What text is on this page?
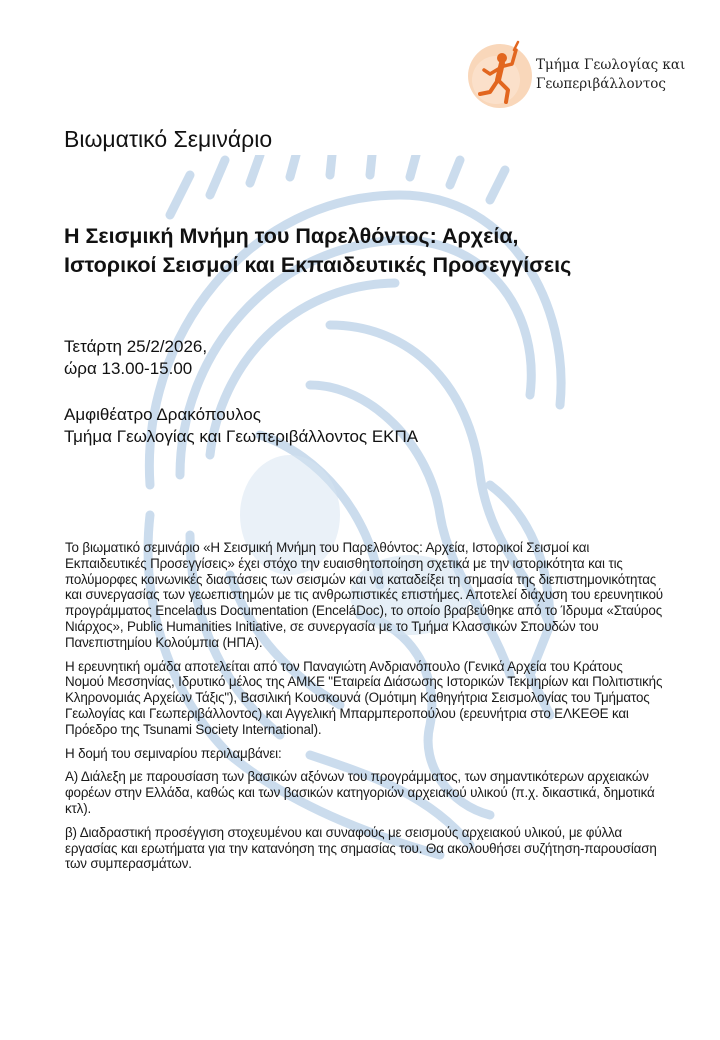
Τμήμα Γεωλογίας και
Γεωπεριβάλλοντος
Βιωματικό Σεμινάριο
Η Σεισμική Μνήμη του Παρελθόντος: Αρχεία,
Ιστορικοί Σεισμοί και Εκπαιδευτικές Προσεγγίσεις
Τετάρτη 25/2/2026,
ώρα 13.00-15.00
Αμφιθέατρο Δρακόπουλος
Τμήμα Γεωλογίας και Γεωπεριβάλλοντος ΕΚΠΑ

Το βιωματικό σεμινάριο «Η Σεισμική Μνήμη του Παρελθόντος: Αρχεία, Ιστορικοί Σεισμοί και Εκπαιδευτικές Προσεγγίσεις» έχει στόχο την ευαισθητοποίηση σχετικά με την ιστορικότητα και τις πολύμορφες κοινωνικές διαστάσεις των σεισμών και να καταδείξει τη σημασία της διεπιστημονικότητας και συνεργασίας των γεωεπιστημών με τις ανθρωπιστικές επιστήμες. Αποτελεί διάχυση του ερευνητικού προγράμματος Enceladus Documentation (EnceláDoc), το οποίο βραβεύθηκε από το Ίδρυμα «Σταύρος Νιάρχος», Public Humanities Initiative, σε συνεργασία με το Τμήμα Κλασσικών Σπουδών του Πανεπιστημίου Κολούμπια (ΗΠΑ).

Η ερευνητική ομάδα αποτελείται από τον Παναγιώτη Ανδριανόπουλο (Γενικά Αρχεία του Κράτους Νομού Μεσσηνίας, Ιδρυτικό μέλος της ΑΜΚΕ "Εταιρεία Διάσωσης Ιστορικών Τεκμηρίων και Πολιτιστικής Κληρονομιάς Αρχείων Τάξις"), Βασιλική Κουσκουνά (Ομότιμη Καθηγήτρια Σεισμολογίας του Τμήματος Γεωλογίας και Γεωπεριβάλλοντος) και Αγγελική Μπαρμπεροπούλου (ερευνήτρια στο ΕΛΚΕΘΕ και Πρόεδρο της Tsunami Society International).

Η δομή του σεμιναρίου περιλαμβάνει:

Α) Διάλεξη με παρουσίαση των βασικών αξόνων του προγράμματος, των σημαντικότερων αρχειακών φορέων στην Ελλάδα, καθώς και των βασικών κατηγοριών αρχειακού υλικού (π.χ. δικαστικά, δημοτικά κτλ).

β) Διαδραστική προσέγγιση στοχευμένου και συναφούς με σεισμούς αρχειακού υλικού, με φύλλα εργασίας και ερωτήματα για την κατανόηση της σημασίας του. Θα ακολουθήσει συζήτηση-παρουσίαση των συμπερασμάτων.
